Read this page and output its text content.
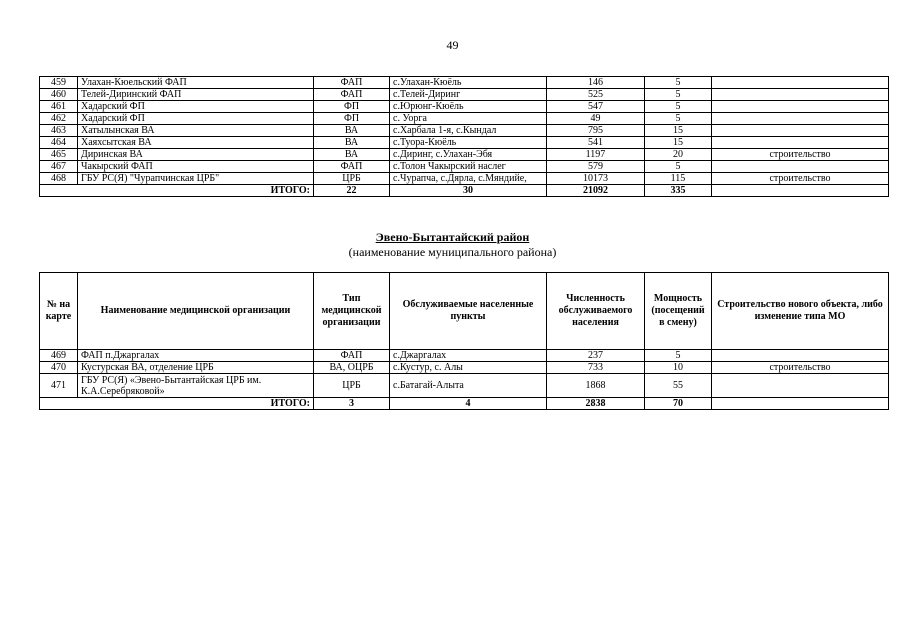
49
459	Улахан-Кюельский ФАП	ФАП	с.Улахан-Кюёль	146	5	
460	Телей-Диринский ФАП	ФАП	с.Телей-Диринг	525	5	
461	Хадарский ФП	ФП	с.Юрюнг-Кюёль	547	5	
462	Хадарский ФП	ФП	с. Уорга	49	5	
463	Хатылынская ВА	ВА	с.Харбала 1-я, с.Кындал	795	15	
464	Хаяхсытская ВА	ВА	с.Туора-Кюёль	541	15	
465	Диринская ВА	ВА	с.Диринг, с.Улахан-Эбя	1197	20	строительство
467	Чакырский ФАП	ФАП	с.Толон Чакырский наслег	579	5	
468	ГБУ РС(Я) "Чурапчинская ЦРБ"	ЦРБ	с.Чурапча, с.Дярла, с.Мяндийе,	10173	115	строительство
ИТОГО:		22	30	21092	335	
Эвено-Бытантайский район
(наименование муниципального района)
№ на карте	Наименование медицинской организации	Тип медицинской организации	Обслуживаемые населенные пункты	Численность обслуживаемого населения	Мощность (посещений в смену)	Строительство нового объекта, либо изменение типа МО
469	ФАП п.Джаргалах	ФАП	с.Джаргалах	237	5	
470	Кустурская ВА, отделение ЦРБ	ВА, ОЦРБ	с.Кустур, с. Алы	733	10	строительство
471	ГБУ РС(Я) «Эвено-Бытантайская ЦРБ им. К.А.Серебряковой»	ЦРБ	с.Батагай-Алыта	1868	55	
ИТОГО:		3	4	2838	70	
